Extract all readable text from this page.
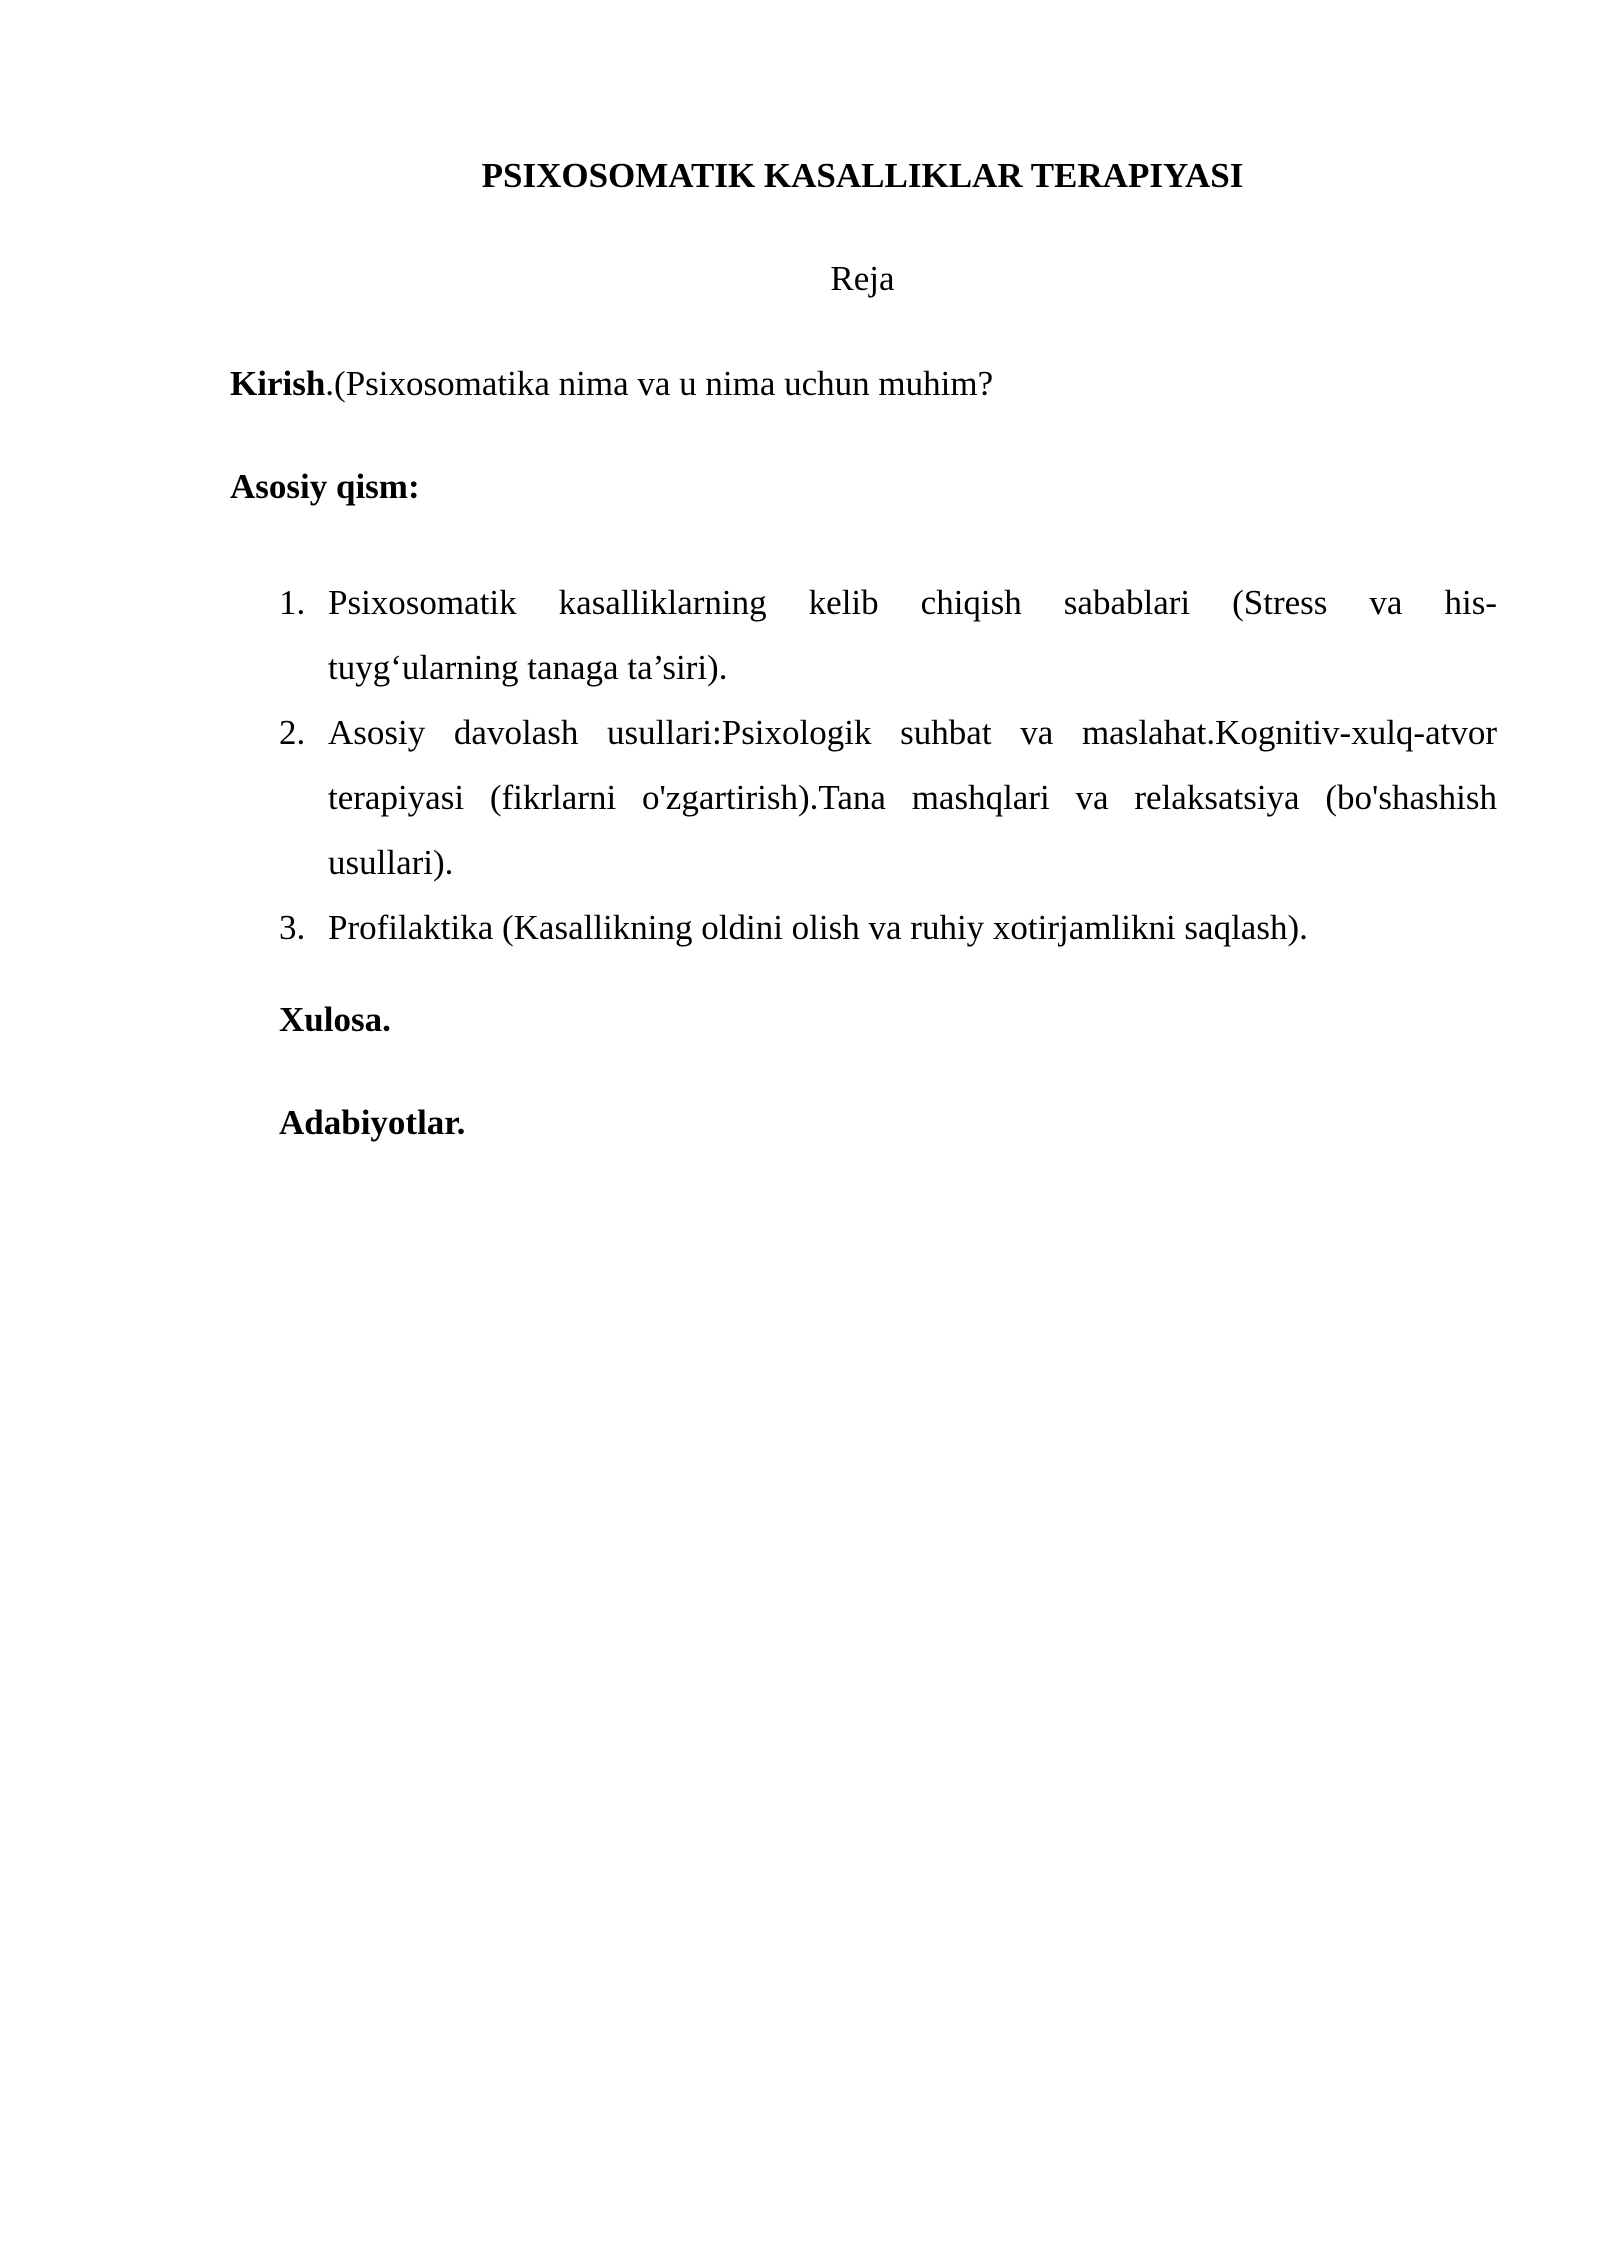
PSIXOSOMATIK KASALLIKLAR TERAPIYASI
Reja
Kirish.(Psixosomatika nima va u nima uchun muhim?
Asosiy qism:
1. Psixosomatik kasalliklarning kelib chiqish sabablari (Stress va his-
tuyg‘ularning tanaga ta’siri).
2. Asosiy davolash usullari:Psixologik suhbat va maslahat.Kognitiv-xulq-atvor
terapiyasi (fikrlarni o'zgartirish).Tana mashqlari va relaksatsiya (bo'shashish
usullari).
3. Profilaktika (Kasallikning oldini olish va ruhiy xotirjamlikni saqlash).
Xulosa.
Adabiyotlar.
